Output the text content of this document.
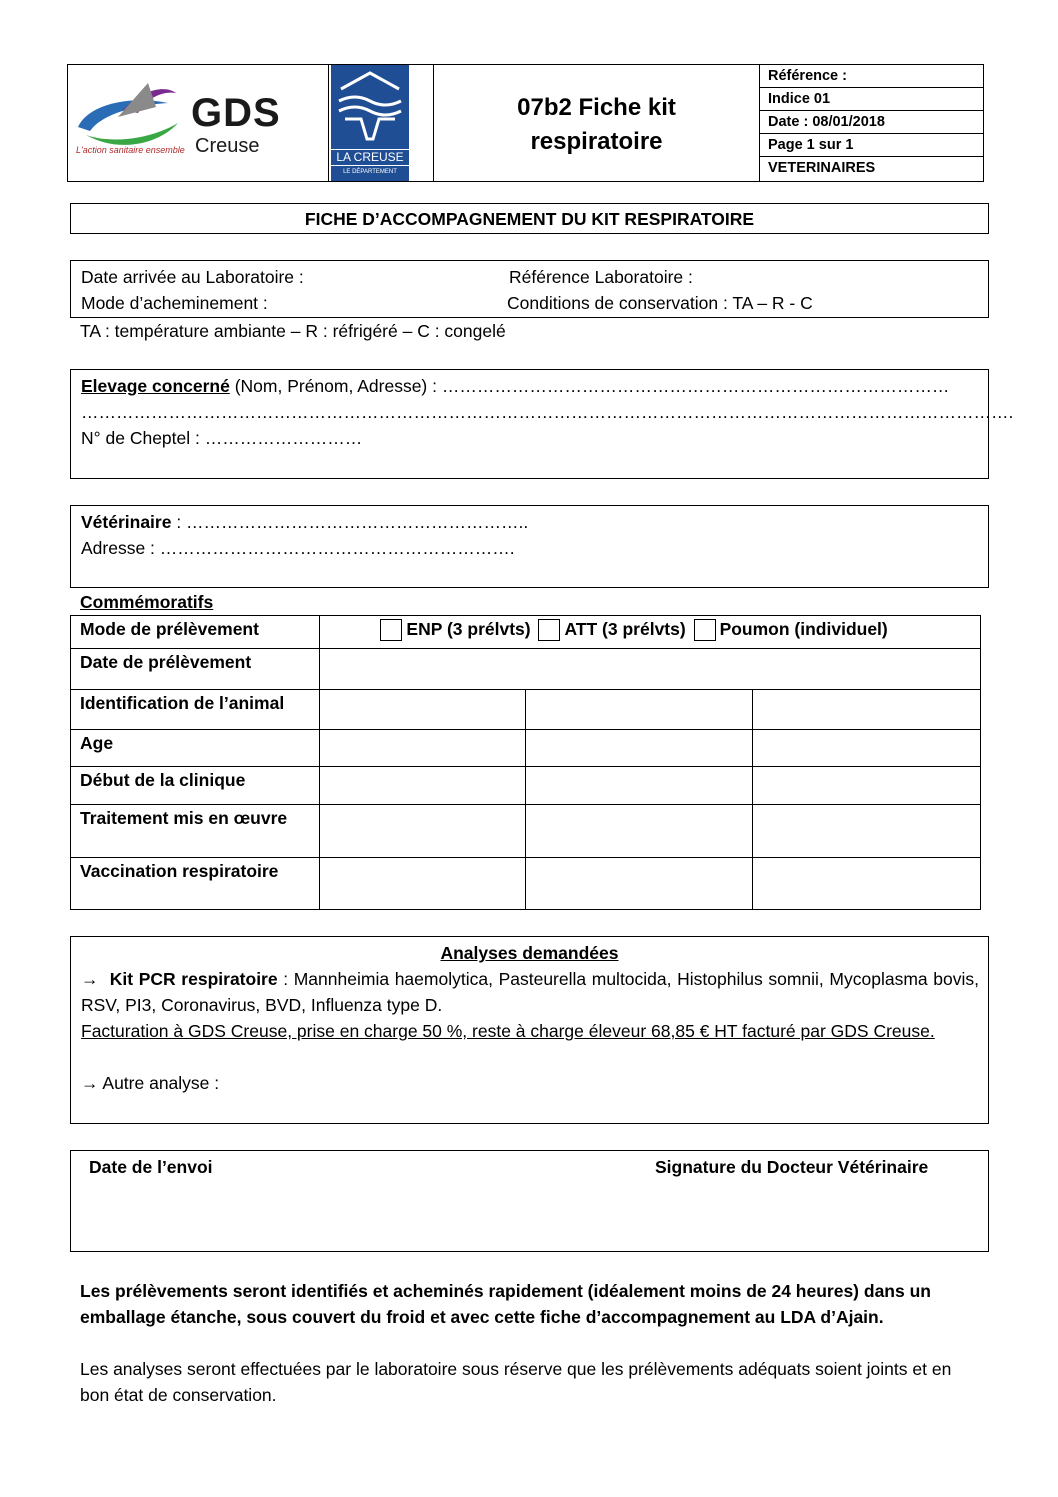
GDS
Creuse
L'action sanitaire ensemble	LA CREUSE
LE DÉPARTEMENT
07b2 Fiche kit
respiratoire
Référence :
Indice 01
Date : 08/01/2018
Page 1 sur 1
VETERINAIRES
FICHE D’ACCOMPAGNEMENT DU KIT RESPIRATOIRE
Date arrivée au Laboratoire :	Référence Laboratoire :
Mode d’acheminement :	Conditions de conservation : TA – R - C
TA : température ambiante – R : réfrigéré – C : congelé
Elevage concerné (Nom, Prénom, Adresse) : ……………………………………………………………………………
…………………………………………………………………………………………………………………………………………….
N° de Cheptel : ………………………
Vétérinaire : …………………………………………………..
Adresse : …………………………………………………….
Commémoratifs
Mode de prélèvement	ENP (3 prélvts) ATT (3 prélvts) Poumon (individuel)		
Date de prélèvement			
Identification de l’animal			
Age			
Début de la clinique			
Traitement mis en œuvre			
Vaccination respiratoire			
Analyses demandées
→ Kit PCR respiratoire : Mannheimia haemolytica, Pasteurella multocida, Histophilus somnii, Mycoplasma bovis, RSV, PI3, Coronavirus, BVD, Influenza type D.
Facturation à GDS Creuse, prise en charge 50 %, reste à charge éleveur 68,85 € HT facturé par GDS Creuse.
→ Autre analyse :
Date de l’envoi	Signature du Docteur Vétérinaire
Les prélèvements seront identifiés et acheminés rapidement (idéalement moins de 24 heures) dans un emballage étanche, sous couvert du froid et avec cette fiche d’accompagnement au LDA d’Ajain.
Les analyses seront effectuées par le laboratoire sous réserve que les prélèvements adéquats soient joints et en bon état de conservation.
